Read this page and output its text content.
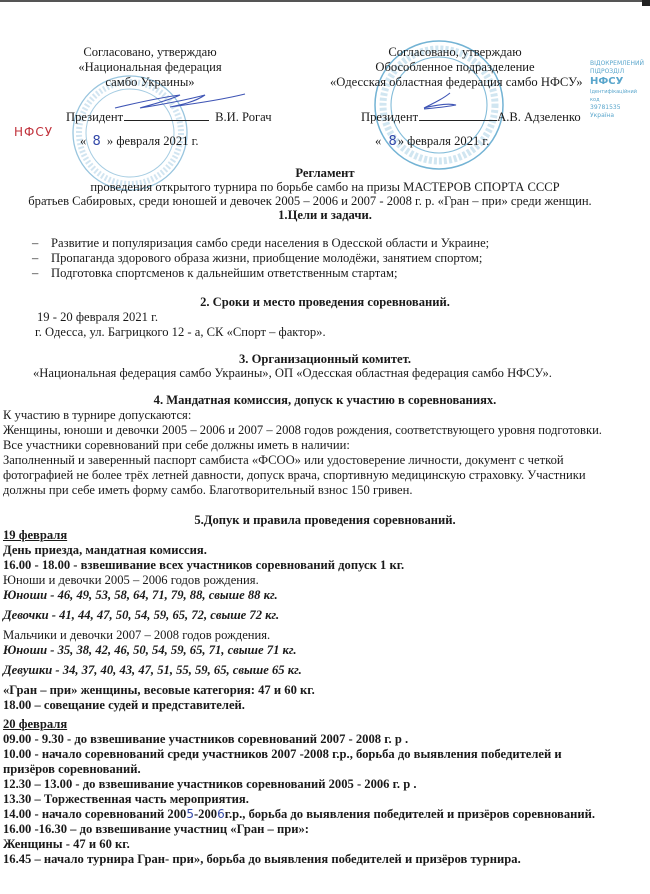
Согласовано, утверждаю
«Национальная федерация
самбо Украины»
Президент	В.И. Рогач
НФСУ
« 8 » февраля 2021 г.
Согласовано, утверждаю
Обособленное подразделение
«Одесская областная федерация самбо НФСУ»
Президент	А.В. Адзеленко
« 8» февраля 2021 г.
ВІДОКРЕМЛЕНИЙ
ПІДРОЗДІЛ
НФСУ
Ідентифікаційний код
39781535
Україна
Регламент
проведения открытого турнира по борьбе самбо на призы МАСТЕРОВ СПОРТА СССР
братьев Сабировых, среди юношей и девочек 2005 – 2006 и 2007 - 2008 г. р. «Гран – при» среди женщин.
1.Цели и задачи.
– Развитие и популяризация самбо среди населения в Одесской области и Украине;
– Пропаганда здорового образа жизни, приобщение молодёжи, занятием спортом;
– Подготовка спортсменов к дальнейшим ответственным стартам;
2. Сроки и место проведения соревнований.
19 - 20 февраля 2021 г.
г. Одесса, ул. Багрицкого 12 - а, СК «Спорт – фактор».
3. Организационный комитет.
«Национальная федерация самбо Украины», ОП «Одесская областная федерация самбо НФСУ».
4. Мандатная комиссия, допуск к участию в соревнованиях.
К участию в турнире допускаются:
Женщины, юноши и девочки 2005 – 2006 и 2007 – 2008 годов рождения, соответствующего уровня подготовки.
Все участники соревнований при себе должны иметь в наличии:
Заполненный и заверенный паспорт самбиста «ФСОО» или удостоверение личности, документ с четкой
фотографией не более трёх летней давности, допуск врача, спортивную медицинскую страховку. Участники
должны при себе иметь форму самбо. Благотворительный взнос 150 гривен.
5.Допук и правила проведения соревнований.
19 февраля
День приезда, мандатная комиссия.
16.00 - 18.00 - взвешивание всех участников соревнований допуск 1 кг.
Юноши и девочки 2005 – 2006 годов рождения.
Юноши - 46, 49, 53, 58, 64, 71, 79, 88, свыше 88 кг.
Девочки - 41, 44, 47, 50, 54, 59, 65, 72, свыше 72 кг.
Мальчики и девочки 2007 – 2008 годов рождения.
Юноши - 35, 38, 42, 46, 50, 54, 59, 65, 71, свыше 71 кг.
Девушки - 34, 37, 40, 43, 47, 51, 55, 59, 65, свыше 65 кг.
«Гран – при» женщины, весовые категория: 47 и 60 кг.
18.00 – совещание судей и представителей.
20 февраля
09.00 - 9.30 - до взвешивание участников соревнований 2007 - 2008 г. р .
10.00 - начало соревнований среди участников 2007 -2008 г.р., борьба до выявления победителей и
призёров соревнований.
12.30 – 13.00 - до взвешивание участников соревнований 2005 - 2006 г. р .
13.30 – Торжественная часть мероприятия.
14.00 - начало соревнований 2005-2006г.р., борьба до выявления победителей и призёров соревнований.
16.00 -16.30 – до взвешивание участниц «Гран – при»:
Женщины - 47 и 60 кг.
16.45 – начало турнира Гран- при», борьба до выявления победителей и призёров турнира.
